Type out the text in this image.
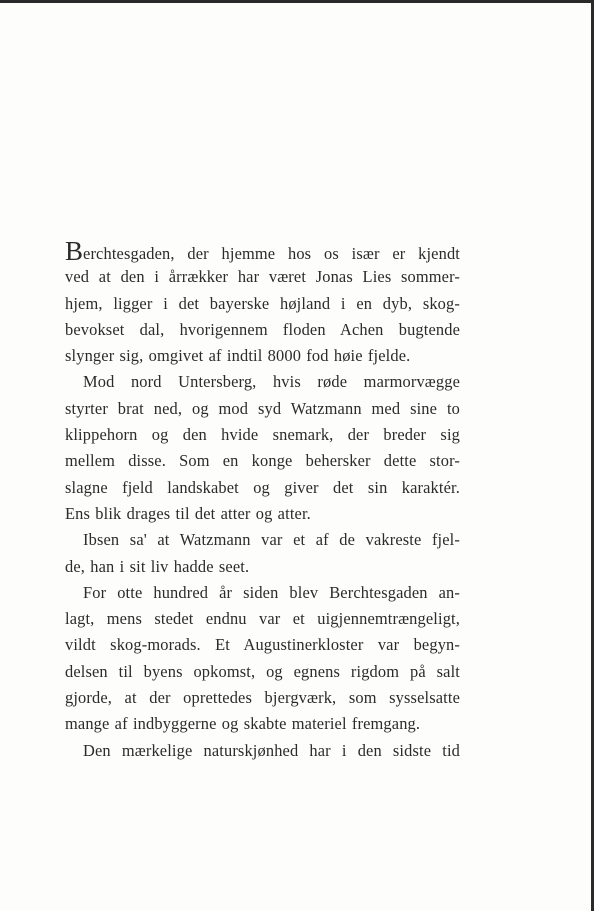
Berchtesgaden, der hjemme hos os især er kjendt
ved at den i årrækker har været Jonas Lies sommer-
hjem, ligger i det bayerske højland i en dyb, skog-
bevokset dal, hvorigennem floden Achen bugtende
slynger sig, omgivet af indtil 8000 fod høie fjelde.
Mod nord Untersberg, hvis røde marmorvægge
styrter brat ned, og mod syd Watzmann med sine to
klippehorn og den hvide snemark, der breder sig
mellem disse. Som en konge behersker dette stor-
slagne fjeld landskabet og giver det sin karaktér.
Ens blik drages til det atter og atter.
Ibsen sa' at Watzmann var et af de vakreste fjel-
de, han i sit liv hadde seet.
For otte hundred år siden blev Berchtesgaden an-
lagt, mens stedet endnu var et uigjennemtrængeligt,
vildt skog-morads. Et Augustinerkloster var begyn-
delsen til byens opkomst, og egnens rigdom på salt
gjorde, at der oprettedes bjergværk, som sysselsatte
mange af indbyggerne og skabte materiel fremgang.
Den mærkelige naturskjønhed har i den sidste tid
